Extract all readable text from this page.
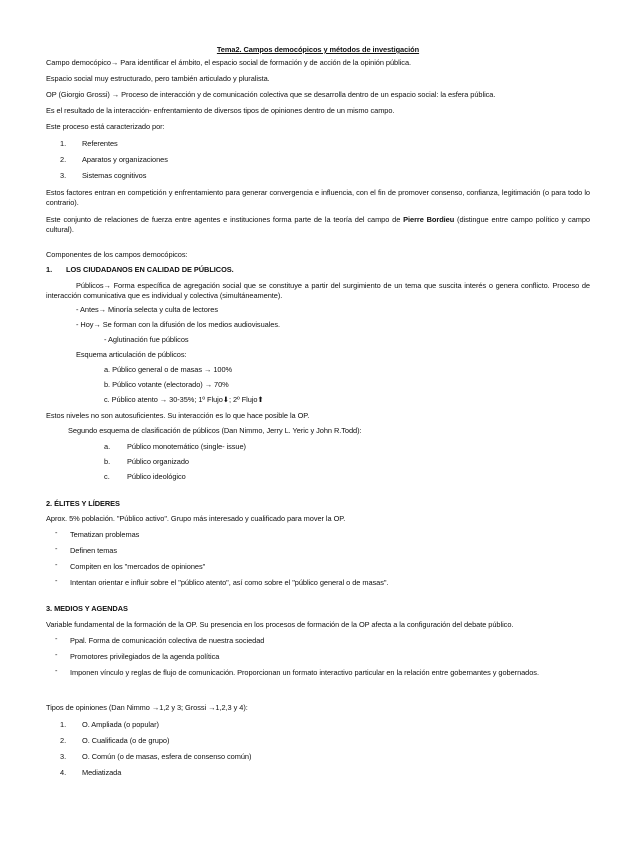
Tema2. Campos democópicos y métodos de investigación
Campo democópico→ Para identificar el ámbito, el espacio social de formación y de acción de la opinión pública.
Espacio social muy estructurado, pero también articulado y pluralista.
OP (Giorgio Grossi) → Proceso de interacción y de comunicación colectiva que se desarrolla dentro de un espacio social: la esfera pública.
Es el resultado de la interacción- enfrentamiento de diversos tipos de opiniones dentro de un mismo campo.
Este proceso está caracterizado por:
1. Referentes
2. Aparatos y organizaciones
3. Sistemas cognitivos
Estos factores entran en competición y enfrentamiento para generar convergencia e influencia, con el fin de promover consenso, confianza, legitimación (o para todo lo contrario).
Este conjunto de relaciones de fuerza entre agentes e instituciones forma parte de la teoría del campo de Pierre Bordieu (distingue entre campo político y campo cultural).
Componentes de los campos democópicos:
1. LOS CIUDADANOS EN CALIDAD DE PÚBLICOS.
Públicos→ Forma específica de agregación social que se constituye a partir del surgimiento de un tema que suscita interés o genera conflicto. Proceso de interacción comunicativa que es individual y colectiva (simultáneamente).
- Antes→ Minoría selecta y culta de lectores
- Hoy→ Se forman con la difusión de los medios audiovisuales.
- Aglutinación fue públicos
Esquema articulación de públicos:
a. Público general o de masas → 100%
b. Público votante (electorado) → 70%
c. Público atento → 30-35%; 1º Flujo⬇; 2º Flujo⬆
Estos niveles no son autosuficientes. Su interacción es lo que hace posible la OP.
Segundo esquema de clasificación de públicos (Dan Nimmo, Jerry L. Yeric y John R.Todd):
a. Público monotemático (single- issue)
b. Público organizado
c. Público ideológico
2. ÉLITES Y LÍDERES
Aprox. 5% población. "Público activo". Grupo más interesado y cualificado para mover la OP.
- Tematizan problemas
- Definen temas
- Compiten en los "mercados de opiniones"
- Intentan orientar e influir sobre el "público atento", así como sobre el "público general o de masas".
3. MEDIOS Y AGENDAS
Variable fundamental de la formación de la OP. Su presencia en los procesos de formación de la OP afecta a la configuración del debate público.
- Ppal. Forma de comunicación colectiva de nuestra sociedad
- Promotores privilegiados de la agenda política
- Imponen vínculo y reglas de flujo de comunicación. Proporcionan un formato interactivo particular en la relación entre gobernantes y gobernados.
Tipos de opiniones (Dan Nimmo →1,2 y 3; Grossi →1,2,3 y 4):
1. O. Ampliada (o popular)
2. O. Cualificada (o de grupo)
3. O. Común (o de masas, esfera de consenso común)
4. Mediatizada
